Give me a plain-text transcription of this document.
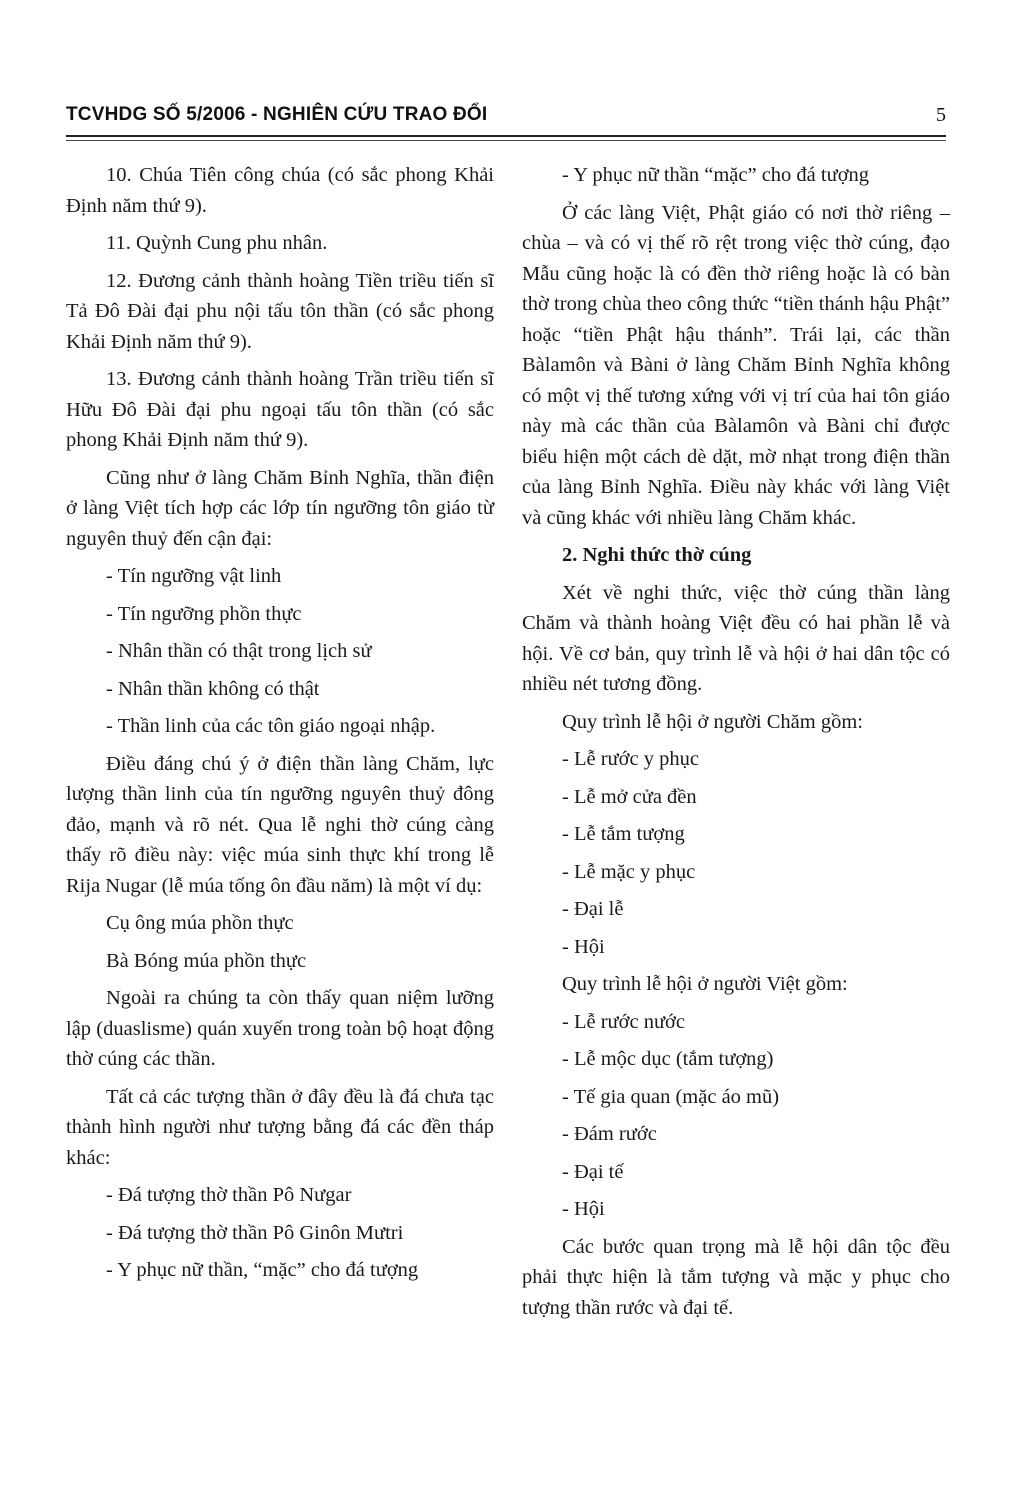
TCVHDG SỐ 5/2006 - NGHIÊN CỨU TRAO ĐỔI	5

10. Chúa Tiên công chúa (có sắc phong Khải Định năm thứ 9).

11. Quỳnh Cung phu nhân.

12. Đương cảnh thành hoàng Tiền triều tiến sĩ Tả Đô Đài đại phu nội tấu tôn thần (có sắc phong Khải Định năm thứ 9).

13. Đương cảnh thành hoàng Trần triều tiến sĩ Hữu Đô Đài đại phu ngoại tấu tôn thần (có sắc phong Khải Định năm thứ 9).

Cũng như ở làng Chăm Bỉnh Nghĩa, thần điện ở làng Việt tích hợp các lớp tín ngưỡng tôn giáo từ nguyên thuỷ đến cận đại:

- Tín ngưỡng vật linh

- Tín ngưỡng phồn thực

- Nhân thần có thật trong lịch sử

- Nhân thần không có thật

- Thần linh của các tôn giáo ngoại nhập.

Điều đáng chú ý ở điện thần làng Chăm, lực lượng thần linh của tín ngưỡng nguyên thuỷ đông đảo, mạnh và rõ nét. Qua lễ nghi thờ cúng càng thấy rõ điều này: việc múa sinh thực khí trong lễ Rija Nugar (lễ múa tống ôn đầu năm) là một ví dụ:

Cụ ông múa phồn thực

Bà Bóng múa phồn thực

Ngoài ra chúng ta còn thấy quan niệm lưỡng lập (duaslisme) quán xuyến trong toàn bộ hoạt động thờ cúng các thần.

Tất cả các tượng thần ở đây đều là đá chưa tạc thành hình người như tượng bằng đá các đền tháp khác:

- Đá tượng thờ thần Pô Nưgar

- Đá tượng thờ thần Pô Ginôn Mưtri

- Y phục nữ thần, “mặc” cho đá tượng

- Y phục nữ thần “mặc” cho đá tượng

Ở các làng Việt, Phật giáo có nơi thờ riêng – chùa – và có vị thế rõ rệt trong việc thờ cúng, đạo Mẫu cũng hoặc là có đền thờ riêng hoặc là có bàn thờ trong chùa theo công thức “tiền thánh hậu Phật” hoặc “tiền Phật hậu thánh”. Trái lại, các thần Bàlamôn và Bàni ở làng Chăm Bỉnh Nghĩa không có một vị thế tương xứng với vị trí của hai tôn giáo này mà các thần của Bàlamôn và Bàni chỉ được biểu hiện một cách dè dặt, mờ nhạt trong điện thần của làng Bỉnh Nghĩa. Điều này khác với làng Việt và cũng khác với nhiều làng Chăm khác.

2. Nghi thức thờ cúng

Xét về nghi thức, việc thờ cúng thần làng Chăm và thành hoàng Việt đều có hai phần lễ và hội. Về cơ bản, quy trình lễ và hội ở hai dân tộc có nhiều nét tương đồng.

Quy trình lễ hội ở người Chăm gồm:

- Lễ rước y phục

- Lễ mở cửa đền

- Lễ tắm tượng

- Lễ mặc y phục

- Đại lễ

- Hội

Quy trình lễ hội ở người Việt gồm:

- Lễ rước nước

- Lễ mộc dục (tắm tượng)

- Tế gia quan (mặc áo mũ)

- Đám rước

- Đại tế

- Hội

Các bước quan trọng mà lễ hội dân tộc đều phải thực hiện là tắm tượng và mặc y phục cho tượng thần rước và đại tế.
